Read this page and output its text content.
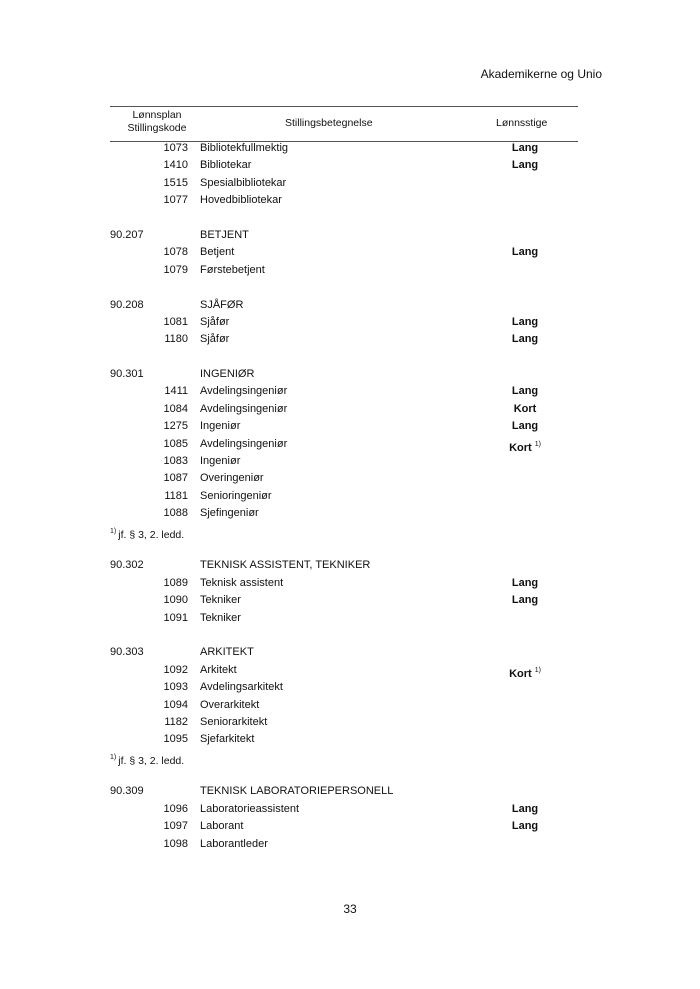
Akademikerne og Unio
Lønnsplan
Stillingskode	Stillingsbetegnelse	Lønnsstige
1073 Bibliotekfullmektig	Lang
1410 Bibliotekar	Lang
1515 Spesialbibliotekar
1077 Hovedbibliotekar
90.207	BETJENT
1078 Betjent	Lang
1079 Førstebetjent
90.208	SJÅFØR
1081 Sjåfør	Lang
1180 Sjåfør	Lang
90.301	INGENIØR
1411 Avdelingsingeniør	Lang
1084 Avdelingsingeniør	Kort
1275 Ingeniør	Lang
1085 Avdelingsingeniør	Kort $^{1)}$
1083 Ingeniør
1087 Overingeniør
1181 Senioringeniør
1088 Sjefingeniør
$^{1)}$ jf. § 3, 2. ledd.
90.302	TEKNISK ASSISTENT, TEKNIKER
1089 Teknisk assistent	Lang
1090 Tekniker	Lang
1091 Tekniker
90.303	ARKITEKT
1092 Arkitekt	Kort $^{1)}$
1093 Avdelingsarkitekt
1094 Overarkitekt
1182 Seniorarkitekt
1095 Sjefarkitekt
$^{1)}$ jf. § 3, 2. ledd.
90.309	TEKNISK LABORATORIEPERSONELL
1096 Laboratorieassistent	Lang
1097 Laborant	Lang
1098 Laborantleder
33
